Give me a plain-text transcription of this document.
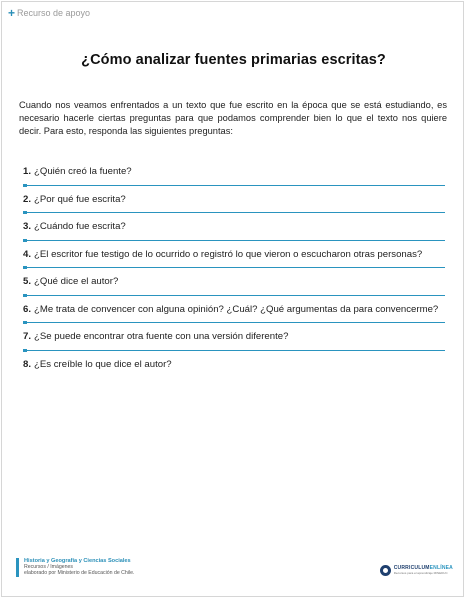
+ Recurso de apoyo
¿Cómo analizar fuentes primarias escritas?

Cuando nos veamos enfrentados a un texto que fue escrito en la época que se está estudiando, es necesario hacerle ciertas preguntas para que podamos comprender bien lo que el texto nos quiere decir. Para esto, responda las siguientes preguntas:

1. ¿Quién creó la fuente?
2. ¿Por qué fue escrita?
3. ¿Cuándo fue escrita?
4. ¿El escritor fue testigo de lo ocurrido o registró lo que vieron o escucharon otras personas?
5. ¿Qué dice el autor?
6. ¿Me trata de convencer con alguna opinión? ¿Cuál? ¿Qué argumentas da para convencerme?
7. ¿Se puede encontrar otra fuente con una versión diferente?
8. ¿Es creíble lo que dice el autor?
Historia y Geografía y Ciencias Sociales
Recursos / Imágenes
elaborado por Ministerio de Educación de Chile.
CURRICULUMENLÍNEA
Recursos para el aprendizaje MINEDUC
